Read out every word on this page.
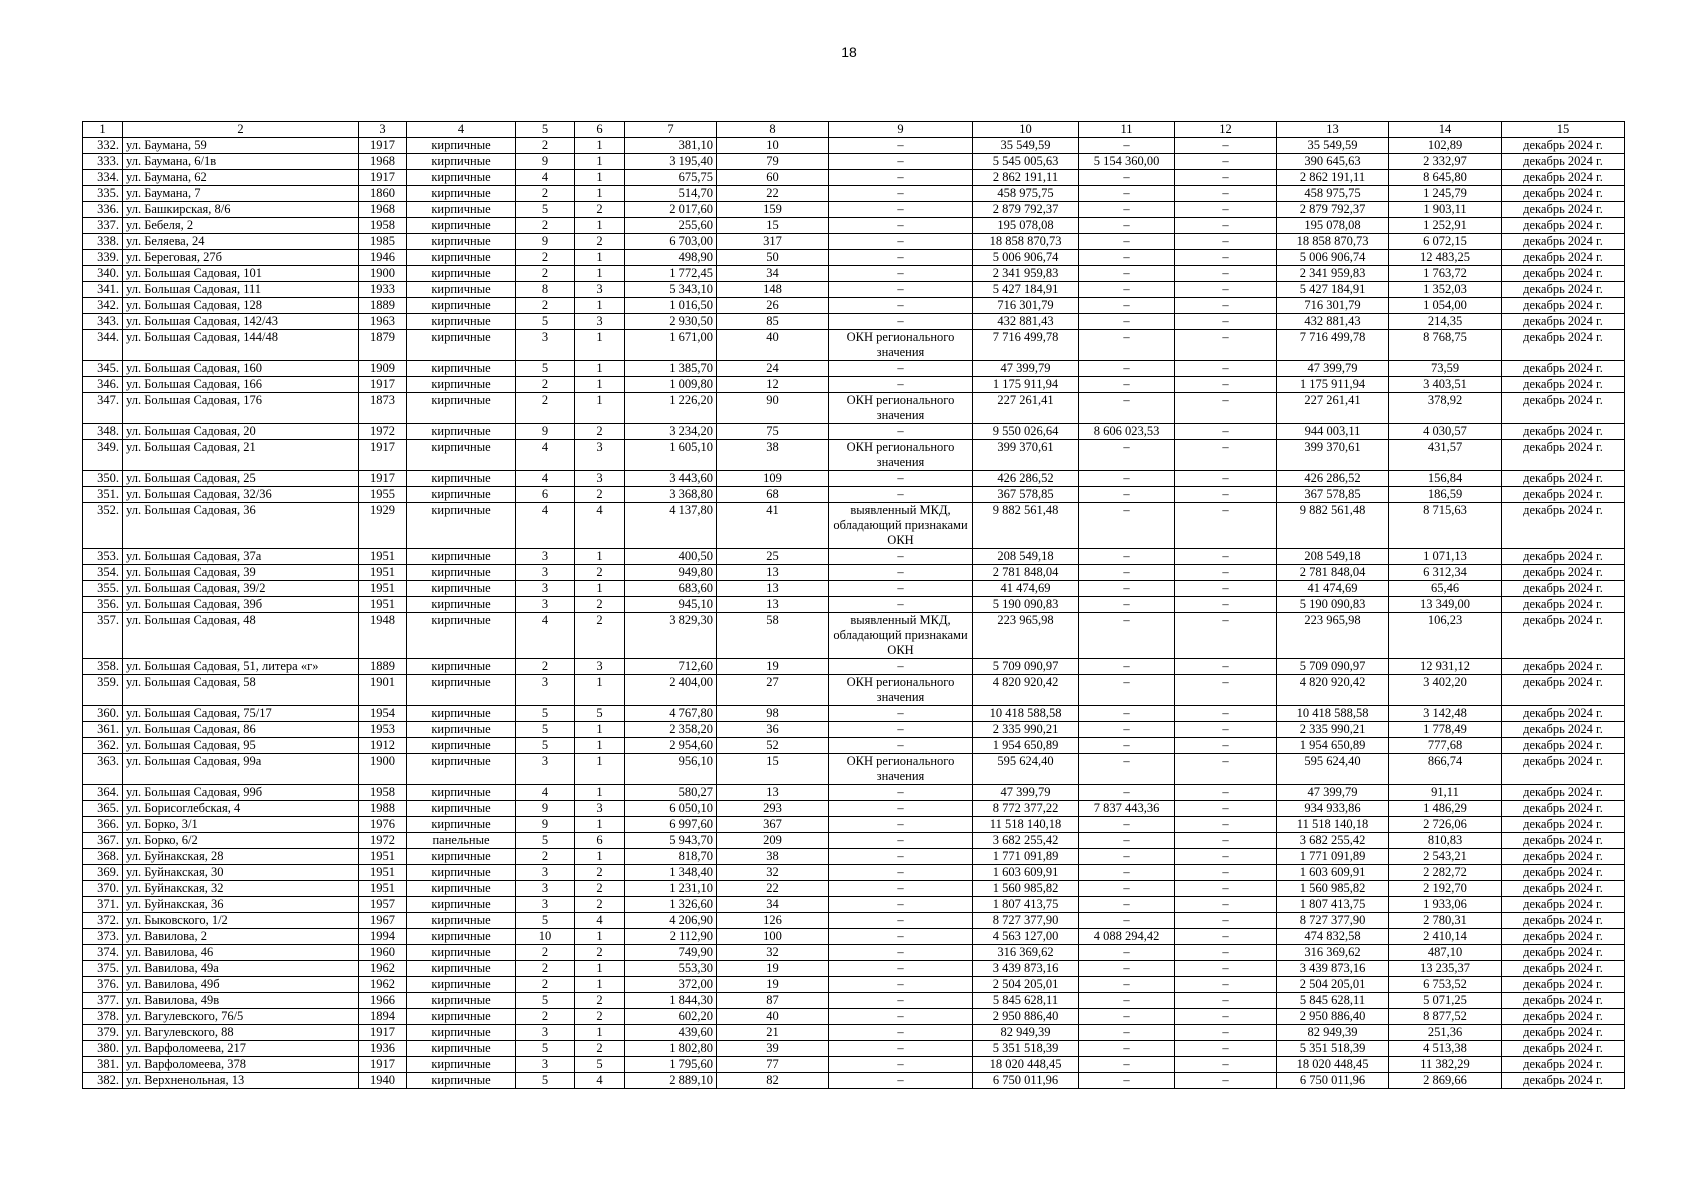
18
1	2	3	4	5	6	7	8	9	10	11	12	13	14	15
332.	ул. Баумана, 59	1917	кирпичные	2	1	381,10	10	–	35 549,59	–	–	35 549,59	102,89	декабрь 2024 г.
333.	ул. Баумана, 6/1в	1968	кирпичные	9	1	3 195,40	79	–	5 545 005,63	5 154 360,00	–	390 645,63	2 332,97	декабрь 2024 г.
334.	ул. Баумана, 62	1917	кирпичные	4	1	675,75	60	–	2 862 191,11	–	–	2 862 191,11	8 645,80	декабрь 2024 г.
335.	ул. Баумана, 7	1860	кирпичные	2	1	514,70	22	–	458 975,75	–	–	458 975,75	1 245,79	декабрь 2024 г.
336.	ул. Башкирская, 8/6	1968	кирпичные	5	2	2 017,60	159	–	2 879 792,37	–	–	2 879 792,37	1 903,11	декабрь 2024 г.
337.	ул. Бебеля, 2	1958	кирпичные	2	1	255,60	15	–	195 078,08	–	–	195 078,08	1 252,91	декабрь 2024 г.
338.	ул. Беляева, 24	1985	кирпичные	9	2	6 703,00	317	–	18 858 870,73	–	–	18 858 870,73	6 072,15	декабрь 2024 г.
339.	ул. Береговая, 27б	1946	кирпичные	2	1	498,90	50	–	5 006 906,74	–	–	5 006 906,74	12 483,25	декабрь 2024 г.
340.	ул. Большая Садовая, 101	1900	кирпичные	2	1	1 772,45	34	–	2 341 959,83	–	–	2 341 959,83	1 763,72	декабрь 2024 г.
341.	ул. Большая Садовая, 111	1933	кирпичные	8	3	5 343,10	148	–	5 427 184,91	–	–	5 427 184,91	1 352,03	декабрь 2024 г.
342.	ул. Большая Садовая, 128	1889	кирпичные	2	1	1 016,50	26	–	716 301,79	–	–	716 301,79	1 054,00	декабрь 2024 г.
343.	ул. Большая Садовая, 142/43	1963	кирпичные	5	3	2 930,50	85	–	432 881,43	–	–	432 881,43	214,35	декабрь 2024 г.
344.	ул. Большая Садовая, 144/48	1879	кирпичные	3	1	1 671,00	40	ОКН регионального значения	7 716 499,78	–	–	7 716 499,78	8 768,75	декабрь 2024 г.
345.	ул. Большая Садовая, 160	1909	кирпичные	5	1	1 385,70	24	–	47 399,79	–	–	47 399,79	73,59	декабрь 2024 г.
346.	ул. Большая Садовая, 166	1917	кирпичные	2	1	1 009,80	12	–	1 175 911,94	–	–	1 175 911,94	3 403,51	декабрь 2024 г.
347.	ул. Большая Садовая, 176	1873	кирпичные	2	1	1 226,20	90	ОКН регионального значения	227 261,41	–	–	227 261,41	378,92	декабрь 2024 г.
348.	ул. Большая Садовая, 20	1972	кирпичные	9	2	3 234,20	75	–	9 550 026,64	8 606 023,53	–	944 003,11	4 030,57	декабрь 2024 г.
349.	ул. Большая Садовая, 21	1917	кирпичные	4	3	1 605,10	38	ОКН регионального значения	399 370,61	–	–	399 370,61	431,57	декабрь 2024 г.
350.	ул. Большая Садовая, 25	1917	кирпичные	4	3	3 443,60	109	–	426 286,52	–	–	426 286,52	156,84	декабрь 2024 г.
351.	ул. Большая Садовая, 32/36	1955	кирпичные	6	2	3 368,80	68	–	367 578,85	–	–	367 578,85	186,59	декабрь 2024 г.
352.	ул. Большая Садовая, 36	1929	кирпичные	4	4	4 137,80	41	выявленный МКД, обладающий признаками ОКН	9 882 561,48	–	–	9 882 561,48	8 715,63	декабрь 2024 г.
353.	ул. Большая Садовая, 37а	1951	кирпичные	3	1	400,50	25	–	208 549,18	–	–	208 549,18	1 071,13	декабрь 2024 г.
354.	ул. Большая Садовая, 39	1951	кирпичные	3	2	949,80	13	–	2 781 848,04	–	–	2 781 848,04	6 312,34	декабрь 2024 г.
355.	ул. Большая Садовая, 39/2	1951	кирпичные	3	1	683,60	13	–	41 474,69	–	–	41 474,69	65,46	декабрь 2024 г.
356.	ул. Большая Садовая, 39б	1951	кирпичные	3	2	945,10	13	–	5 190 090,83	–	–	5 190 090,83	13 349,00	декабрь 2024 г.
357.	ул. Большая Садовая, 48	1948	кирпичные	4	2	3 829,30	58	выявленный МКД, обладающий признаками ОКН	223 965,98	–	–	223 965,98	106,23	декабрь 2024 г.
358.	ул. Большая Садовая, 51, литера «г»	1889	кирпичные	2	3	712,60	19	–	5 709 090,97	–	–	5 709 090,97	12 931,12	декабрь 2024 г.
359.	ул. Большая Садовая, 58	1901	кирпичные	3	1	2 404,00	27	ОКН регионального значения	4 820 920,42	–	–	4 820 920,42	3 402,20	декабрь 2024 г.
360.	ул. Большая Садовая, 75/17	1954	кирпичные	5	5	4 767,80	98	–	10 418 588,58	–	–	10 418 588,58	3 142,48	декабрь 2024 г.
361.	ул. Большая Садовая, 86	1953	кирпичные	5	1	2 358,20	36	–	2 335 990,21	–	–	2 335 990,21	1 778,49	декабрь 2024 г.
362.	ул. Большая Садовая, 95	1912	кирпичные	5	1	2 954,60	52	–	1 954 650,89	–	–	1 954 650,89	777,68	декабрь 2024 г.
363.	ул. Большая Садовая, 99а	1900	кирпичные	3	1	956,10	15	ОКН регионального значения	595 624,40	–	–	595 624,40	866,74	декабрь 2024 г.
364.	ул. Большая Садовая, 99б	1958	кирпичные	4	1	580,27	13	–	47 399,79	–	–	47 399,79	91,11	декабрь 2024 г.
365.	ул. Борисоглебская, 4	1988	кирпичные	9	3	6 050,10	293	–	8 772 377,22	7 837 443,36	–	934 933,86	1 486,29	декабрь 2024 г.
366.	ул. Борко, 3/1	1976	кирпичные	9	1	6 997,60	367	–	11 518 140,18	–	–	11 518 140,18	2 726,06	декабрь 2024 г.
367.	ул. Борко, 6/2	1972	панельные	5	6	5 943,70	209	–	3 682 255,42	–	–	3 682 255,42	810,83	декабрь 2024 г.
368.	ул. Буйнакская, 28	1951	кирпичные	2	1	818,70	38	–	1 771 091,89	–	–	1 771 091,89	2 543,21	декабрь 2024 г.
369.	ул. Буйнакская, 30	1951	кирпичные	3	2	1 348,40	32	–	1 603 609,91	–	–	1 603 609,91	2 282,72	декабрь 2024 г.
370.	ул. Буйнакская, 32	1951	кирпичные	3	2	1 231,10	22	–	1 560 985,82	–	–	1 560 985,82	2 192,70	декабрь 2024 г.
371.	ул. Буйнакская, 36	1957	кирпичные	3	2	1 326,60	34	–	1 807 413,75	–	–	1 807 413,75	1 933,06	декабрь 2024 г.
372.	ул. Быковского, 1/2	1967	кирпичные	5	4	4 206,90	126	–	8 727 377,90	–	–	8 727 377,90	2 780,31	декабрь 2024 г.
373.	ул. Вавилова, 2	1994	кирпичные	10	1	2 112,90	100	–	4 563 127,00	4 088 294,42	–	474 832,58	2 410,14	декабрь 2024 г.
374.	ул. Вавилова, 46	1960	кирпичные	2	2	749,90	32	–	316 369,62	–	–	316 369,62	487,10	декабрь 2024 г.
375.	ул. Вавилова, 49а	1962	кирпичные	2	1	553,30	19	–	3 439 873,16	–	–	3 439 873,16	13 235,37	декабрь 2024 г.
376.	ул. Вавилова, 49б	1962	кирпичные	2	1	372,00	19	–	2 504 205,01	–	–	2 504 205,01	6 753,52	декабрь 2024 г.
377.	ул. Вавилова, 49в	1966	кирпичные	5	2	1 844,30	87	–	5 845 628,11	–	–	5 845 628,11	5 071,25	декабрь 2024 г.
378.	ул. Вагулевского, 76/5	1894	кирпичные	2	2	602,20	40	–	2 950 886,40	–	–	2 950 886,40	8 877,52	декабрь 2024 г.
379.	ул. Вагулевского, 88	1917	кирпичные	3	1	439,60	21	–	82 949,39	–	–	82 949,39	251,36	декабрь 2024 г.
380.	ул. Варфоломеева, 217	1936	кирпичные	5	2	1 802,80	39	–	5 351 518,39	–	–	5 351 518,39	4 513,38	декабрь 2024 г.
381.	ул. Варфоломеева, 378	1917	кирпичные	3	5	1 795,60	77	–	18 020 448,45	–	–	18 020 448,45	11 382,29	декабрь 2024 г.
382.	ул. Верхненольная, 13	1940	кирпичные	5	4	2 889,10	82	–	6 750 011,96	–	–	6 750 011,96	2 869,66	декабрь 2024 г.
